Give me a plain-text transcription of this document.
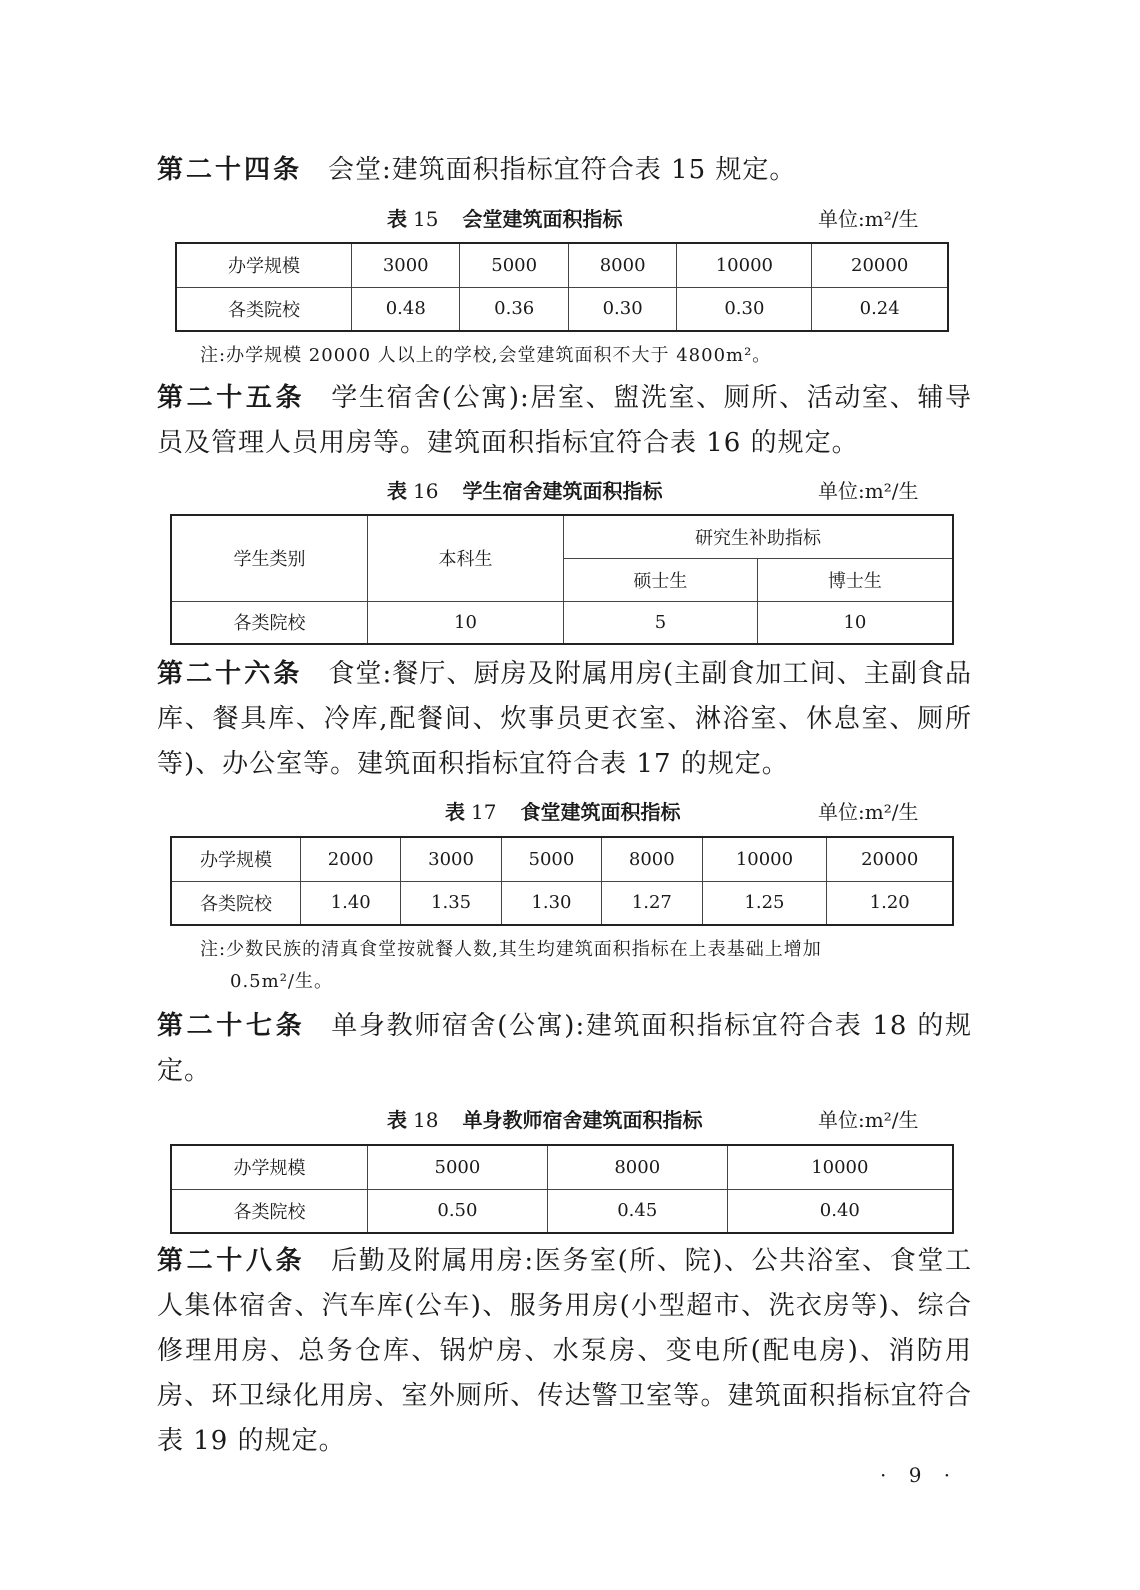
第二十四条 会堂:建筑面积指标宜符合表 15 规定。
表 15 会堂建筑面积指标	单位:m²/生
办学规模	3000	5000	8000	10000	20000
各类院校	0.48	0.36	0.30	0.30	0.24
注:办学规模 20000 人以上的学校,会堂建筑面积不大于 4800m²。
第二十五条 学生宿舍(公寓):居室、盥洗室、厕所、活动室、辅导员及管理人员用房等。建筑面积指标宜符合表 16 的规定。
表 16 学生宿舍建筑面积指标	单位:m²/生
学生类别	本科生	研究生补助指标	
		硕士生	博士生
各类院校	10	5	10
第二十六条 食堂:餐厅、厨房及附属用房(主副食加工间、主副食品库、餐具库、冷库,配餐间、炊事员更衣室、淋浴室、休息室、厕所等)、办公室等。建筑面积指标宜符合表 17 的规定。
表 17 食堂建筑面积指标	单位:m²/生
办学规模	2000	3000	5000	8000	10000	20000
各类院校	1.40	1.35	1.30	1.27	1.25	1.20
注:少数民族的清真食堂按就餐人数,其生均建筑面积指标在上表基础上增加
0.5m²/生。
第二十七条 单身教师宿舍(公寓):建筑面积指标宜符合表 18 的规定。
表 18 单身教师宿舍建筑面积指标	单位:m²/生
办学规模	5000	8000	10000
各类院校	0.50	0.45	0.40
第二十八条 后勤及附属用房:医务室(所、院)、公共浴室、食堂工人集体宿舍、汽车库(公车)、服务用房(小型超市、洗衣房等)、综合修理用房、总务仓库、锅炉房、水泵房、变电所(配电房)、消防用房、环卫绿化用房、室外厕所、传达警卫室等。建筑面积指标宜符合表 19 的规定。
· 9 ·
